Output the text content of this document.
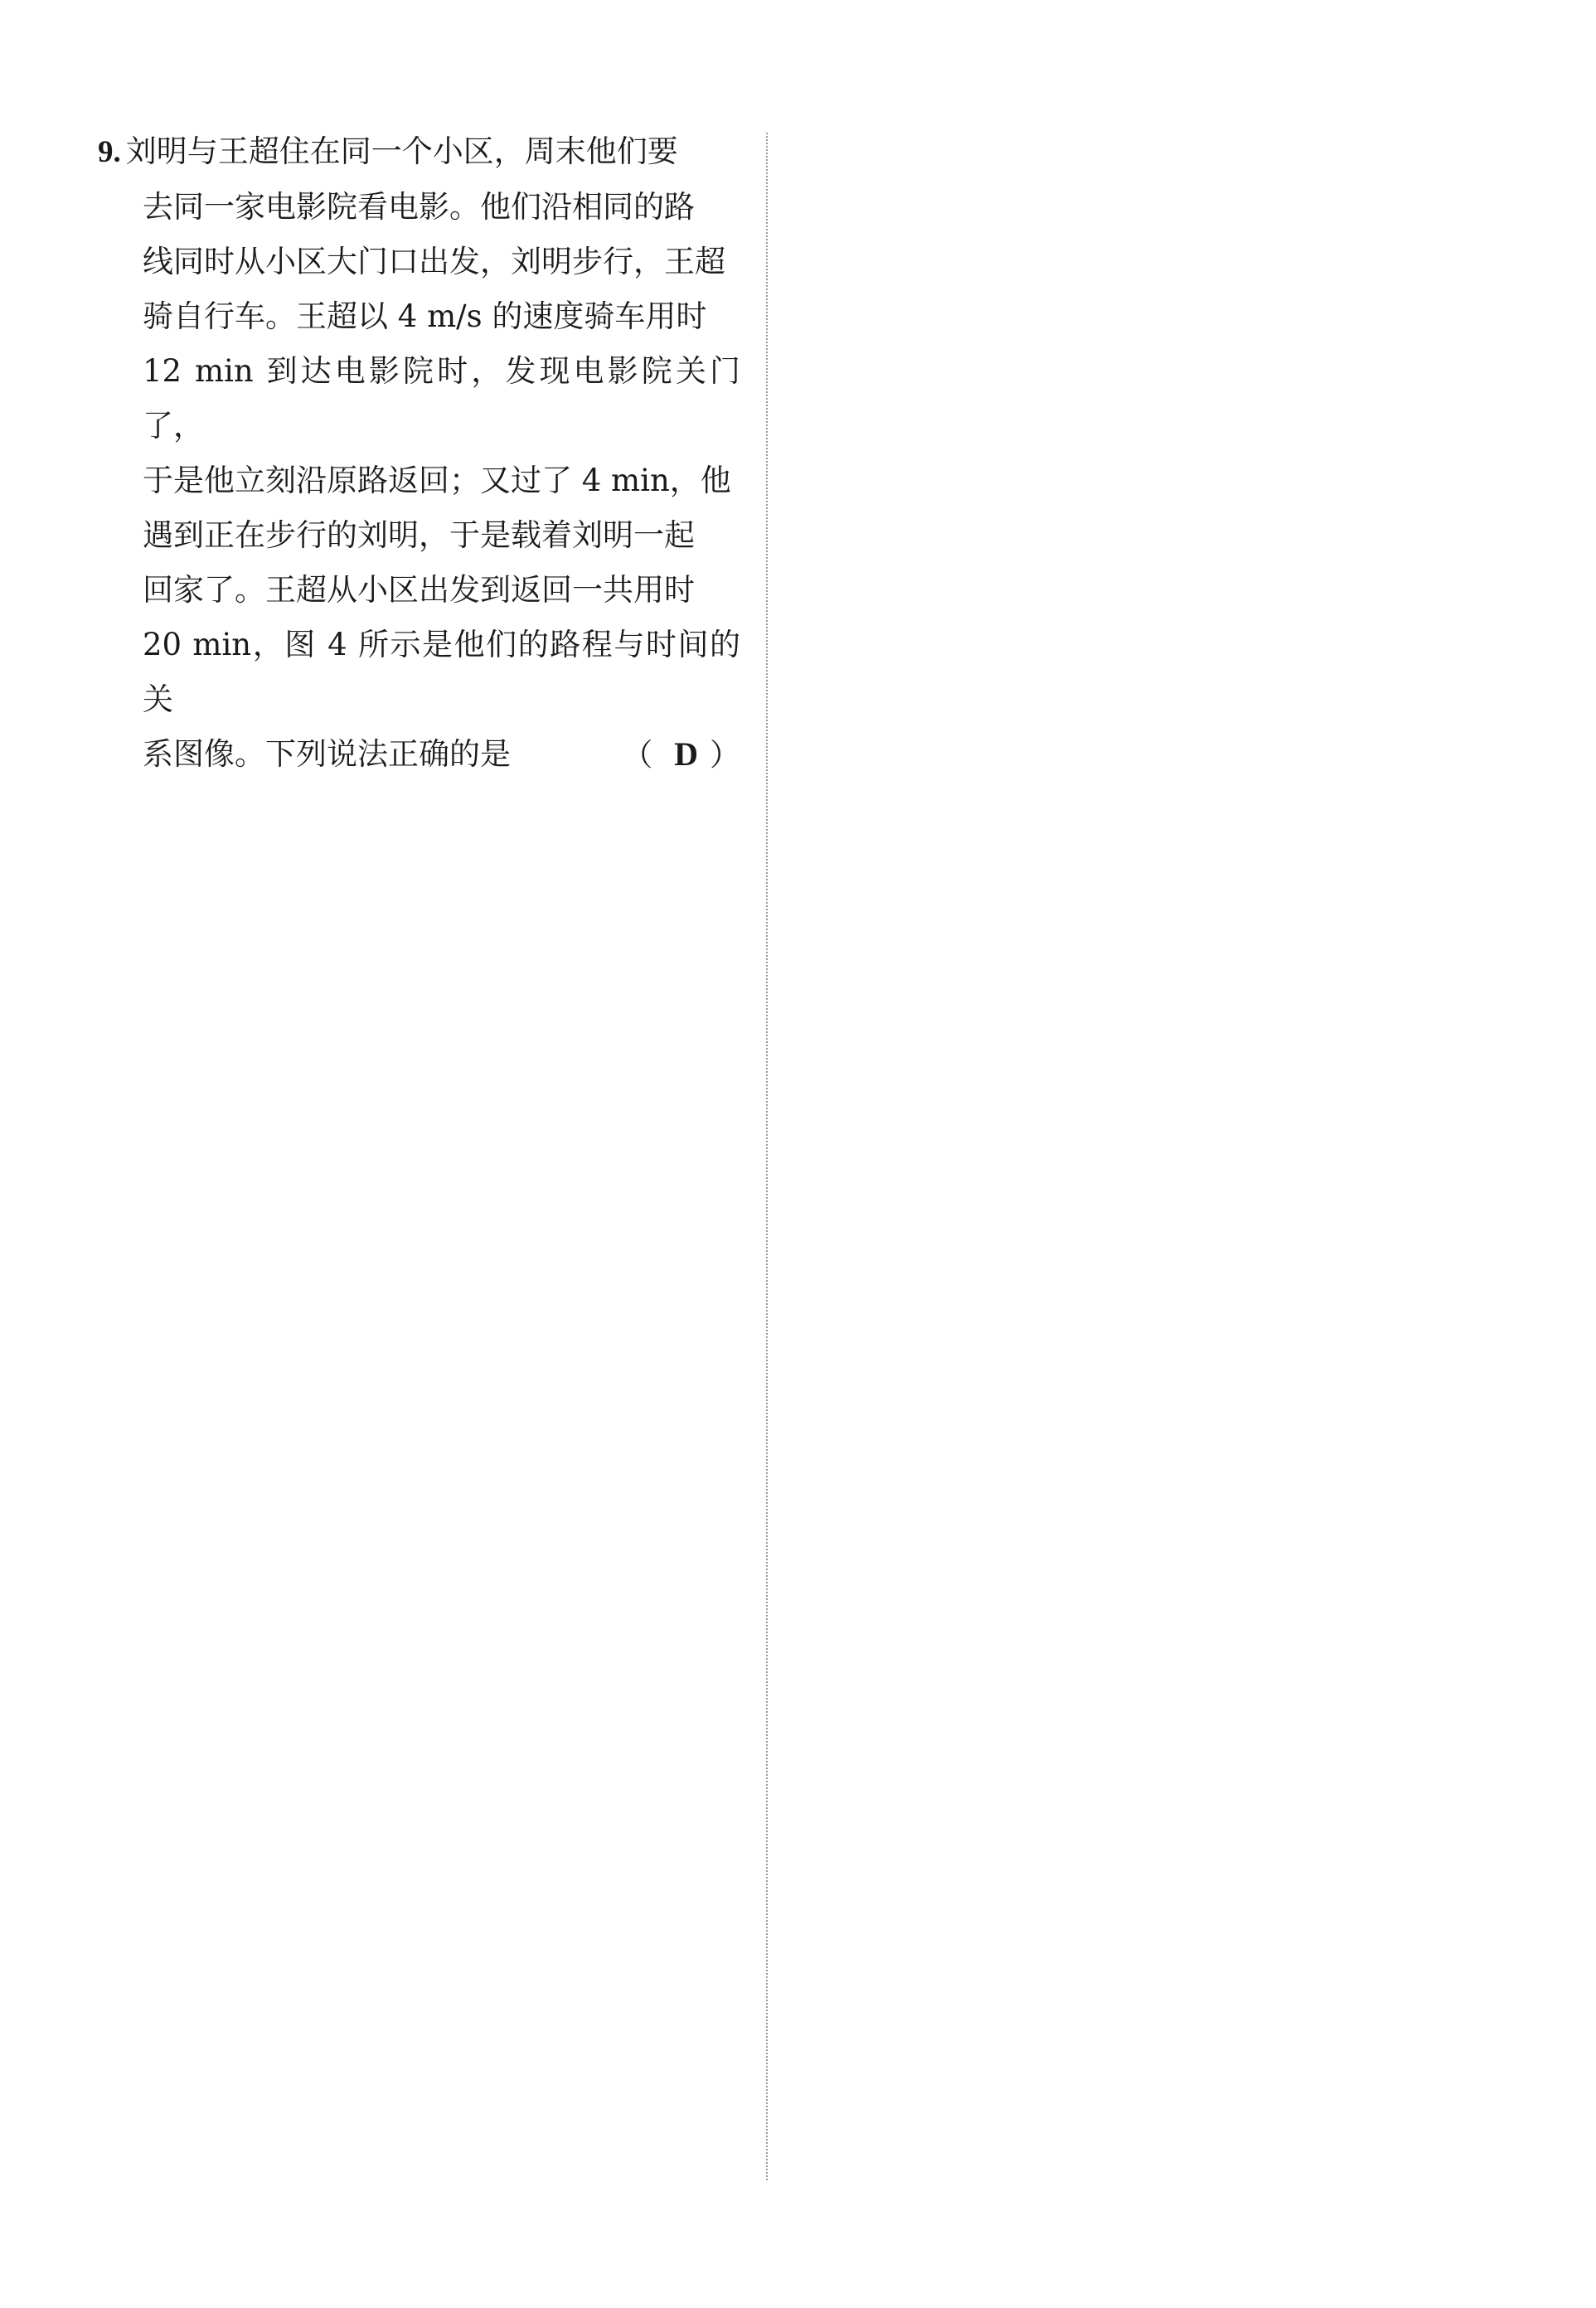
9. 刘明与王超住在同一个小区，周末他们要
去同一家电影院看电影。他们沿相同的路
线同时从小区大门口出发，刘明步行，王超
骑自行车。王超以 4 m/s 的速度骑车用时
12 min 到达电影院时，发现电影院关门了，
于是他立刻沿原路返回；又过了 4 min，他
遇到正在步行的刘明，于是载着刘明一起
回家了。王超从小区出发到返回一共用时
20 min，图 4 所示是他们的路程与时间的关
系图像。下列说法正确的是	（ D ）
